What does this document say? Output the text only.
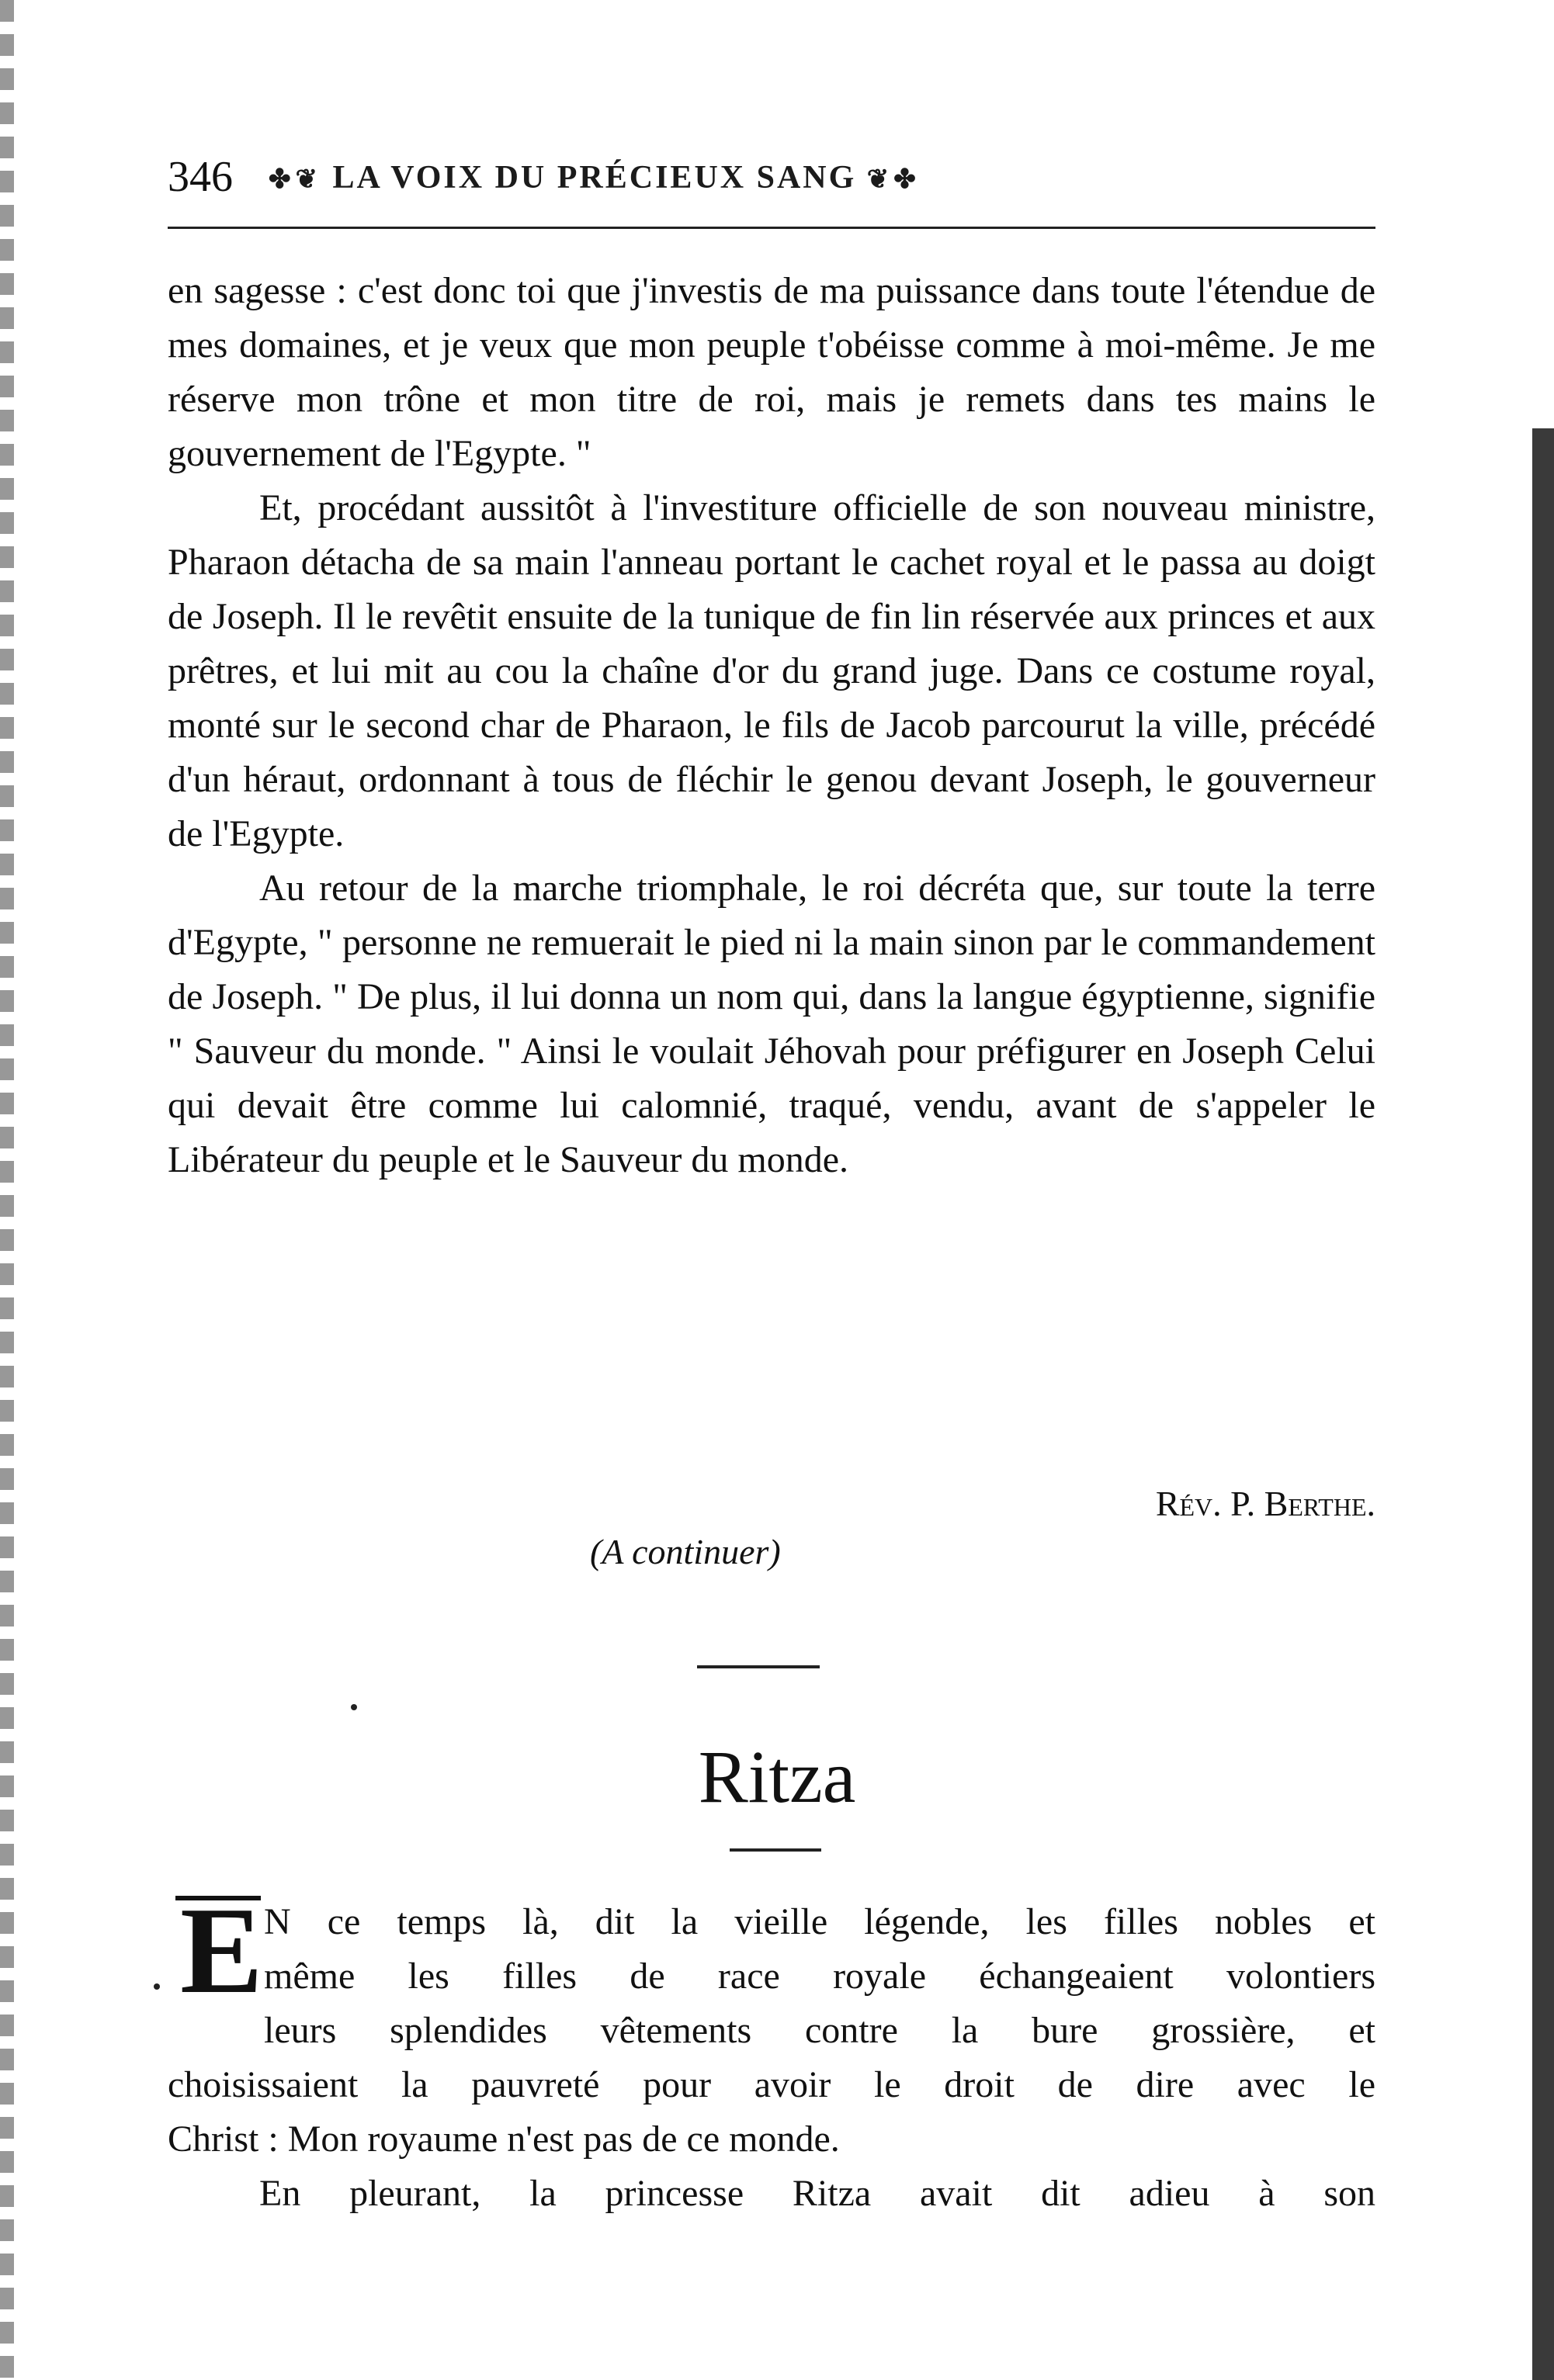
346 ✤❦ LA VOIX DU PRÉCIEUX SANG ❦✤

en sagesse : c'est donc toi que j'investis de ma puissance dans toute l'étendue de mes domaines, et je veux que mon peuple t'obéisse comme à moi-même. Je me réserve mon trône et mon titre de roi, mais je remets dans tes mains le gouvernement de l'Egypte. "

Et, procédant aussitôt à l'investiture officielle de son nouveau ministre, Pharaon détacha de sa main l'anneau portant le cachet royal et le passa au doigt de Joseph. Il le revêtit ensuite de la tunique de fin lin réservée aux princes et aux prêtres, et lui mit au cou la chaîne d'or du grand juge. Dans ce costume royal, monté sur le second char de Pharaon, le fils de Jacob parcourut la ville, précédé d'un héraut, ordonnant à tous de fléchir le genou devant Joseph, le gouverneur de l'Egypte.

Au retour de la marche triomphale, le roi décréta que, sur toute la terre d'Egypte, " personne ne remuerait le pied ni la main sinon par le commandement de Joseph. " De plus, il lui donna un nom qui, dans la langue égyptienne, signifie " Sauveur du monde. " Ainsi le voulait Jéhovah pour préfigurer en Joseph Celui qui devait être comme lui calomnié, traqué, vendu, avant de s'appeler le Libérateur du peuple et le Sauveur du monde.

Rév. P. Berthe.
(A continuer)
Ritza
E N ce temps là, dit la vieille légende, les filles nobles et
même les filles de race royale échangeaient volontiers
leurs splendides vêtements contre la bure grossière, et
choisissaient la pauvreté pour avoir le droit de dire avec le
Christ : Mon royaume n'est pas de ce monde.

En pleurant, la princesse Ritza avait dit adieu à son
